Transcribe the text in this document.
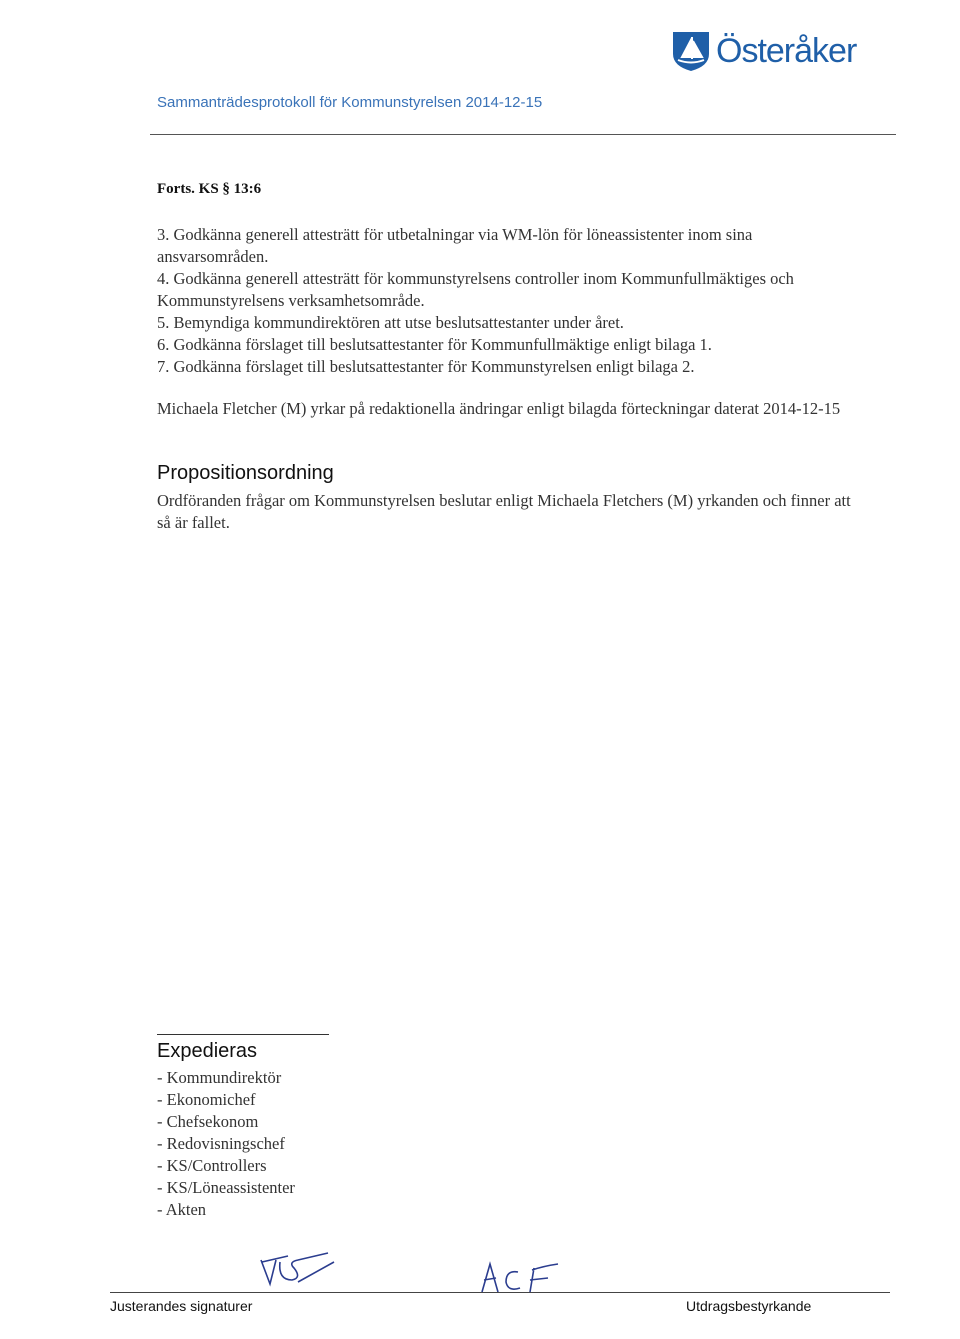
Österåker
Sammanträdesprotokoll för Kommunstyrelsen 2014-12-15
Forts. KS § 13:6
3. Godkänna generell attesträtt för utbetalningar via WM-lön för löneassistenter inom sina ansvarsområden.
4. Godkänna generell attesträtt för kommunstyrelsens controller inom Kommunfullmäktiges och Kommunstyrelsens verksamhetsområde.
5. Bemyndiga kommundirektören att utse beslutsattestanter under året.
6. Godkänna förslaget till beslutsattestanter för Kommunfullmäktige enligt bilaga 1.
7. Godkänna förslaget till beslutsattestanter för Kommunstyrelsen enligt bilaga 2.
Michaela Fletcher (M) yrkar på redaktionella ändringar enligt bilagda förteckningar daterat 2014-12-15
Propositionsordning
Ordföranden frågar om Kommunstyrelsen beslutar enligt Michaela Fletchers (M) yrkanden och finner att så är fallet.
Expedieras
- Kommundirektör
- Ekonomichef
- Chefsekonom
- Redovisningschef
- KS/Controllers
- KS/Löneassistenter
- Akten
Justerandes signaturer	Utdragsbestyrkande
